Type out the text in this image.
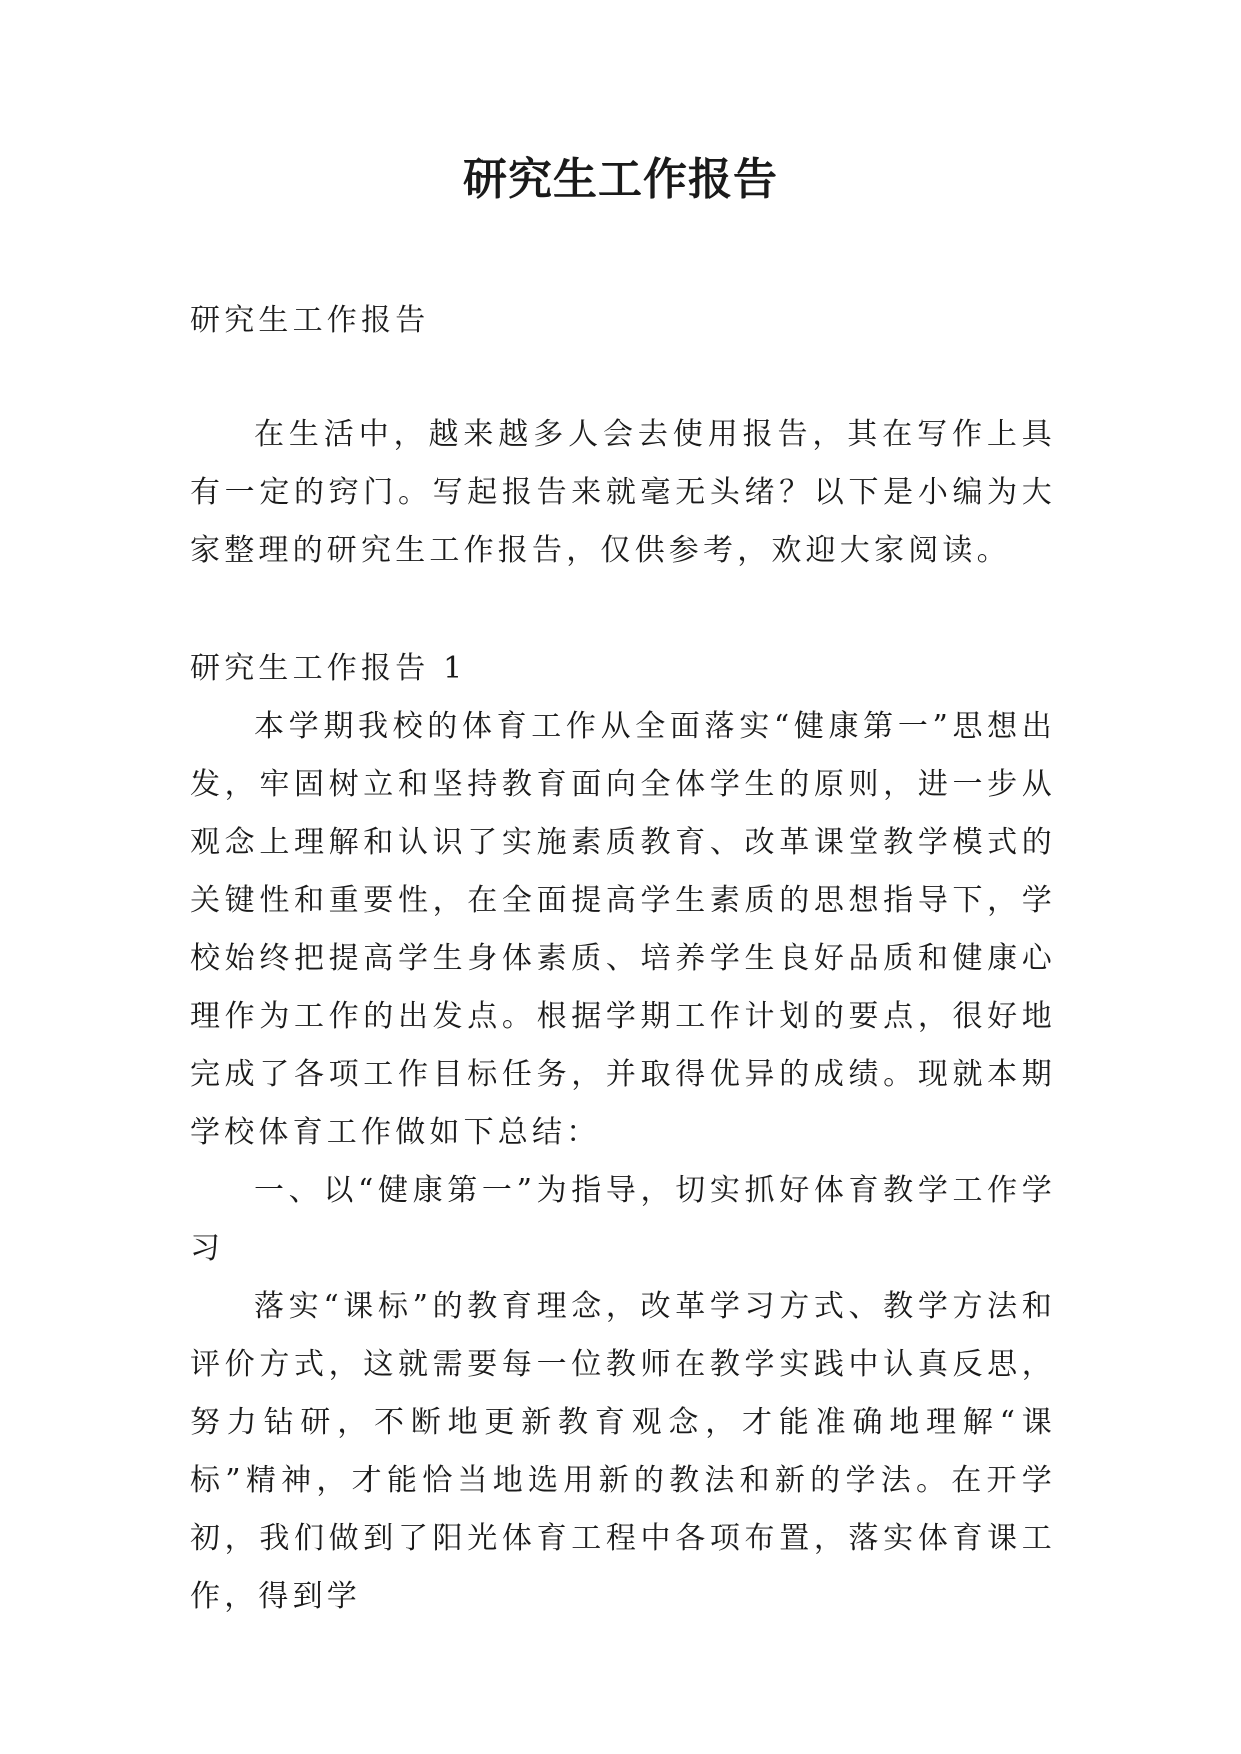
研究生工作报告

研究生工作报告

在生活中，越来越多人会去使用报告，其在写作上具有一定的窍门。写起报告来就毫无头绪？以下是小编为大家整理的研究生工作报告，仅供参考，欢迎大家阅读。

研究生工作报告 1

本学期我校的体育工作从全面落实“健康第一”思想出发，牢固树立和坚持教育面向全体学生的原则，进一步从观念上理解和认识了实施素质教育、改革课堂教学模式的关键性和重要性，在全面提高学生素质的思想指导下，学校始终把提高学生身体素质、培养学生良好品质和健康心理作为工作的出发点。根据学期工作计划的要点，很好地完成了各项工作目标任务，并取得优异的成绩。现就本期学校体育工作做如下总结：

一、以“健康第一”为指导，切实抓好体育教学工作学习

落实“课标”的教育理念，改革学习方式、教学方法和评价方式，这就需要每一位教师在教学实践中认真反思，努力钻研，不断地更新教育观念，才能准确地理解“课标”精神，才能恰当地选用新的教法和新的学法。在开学初，我们做到了阳光体育工程中各项布置，落实体育课工作，得到学
